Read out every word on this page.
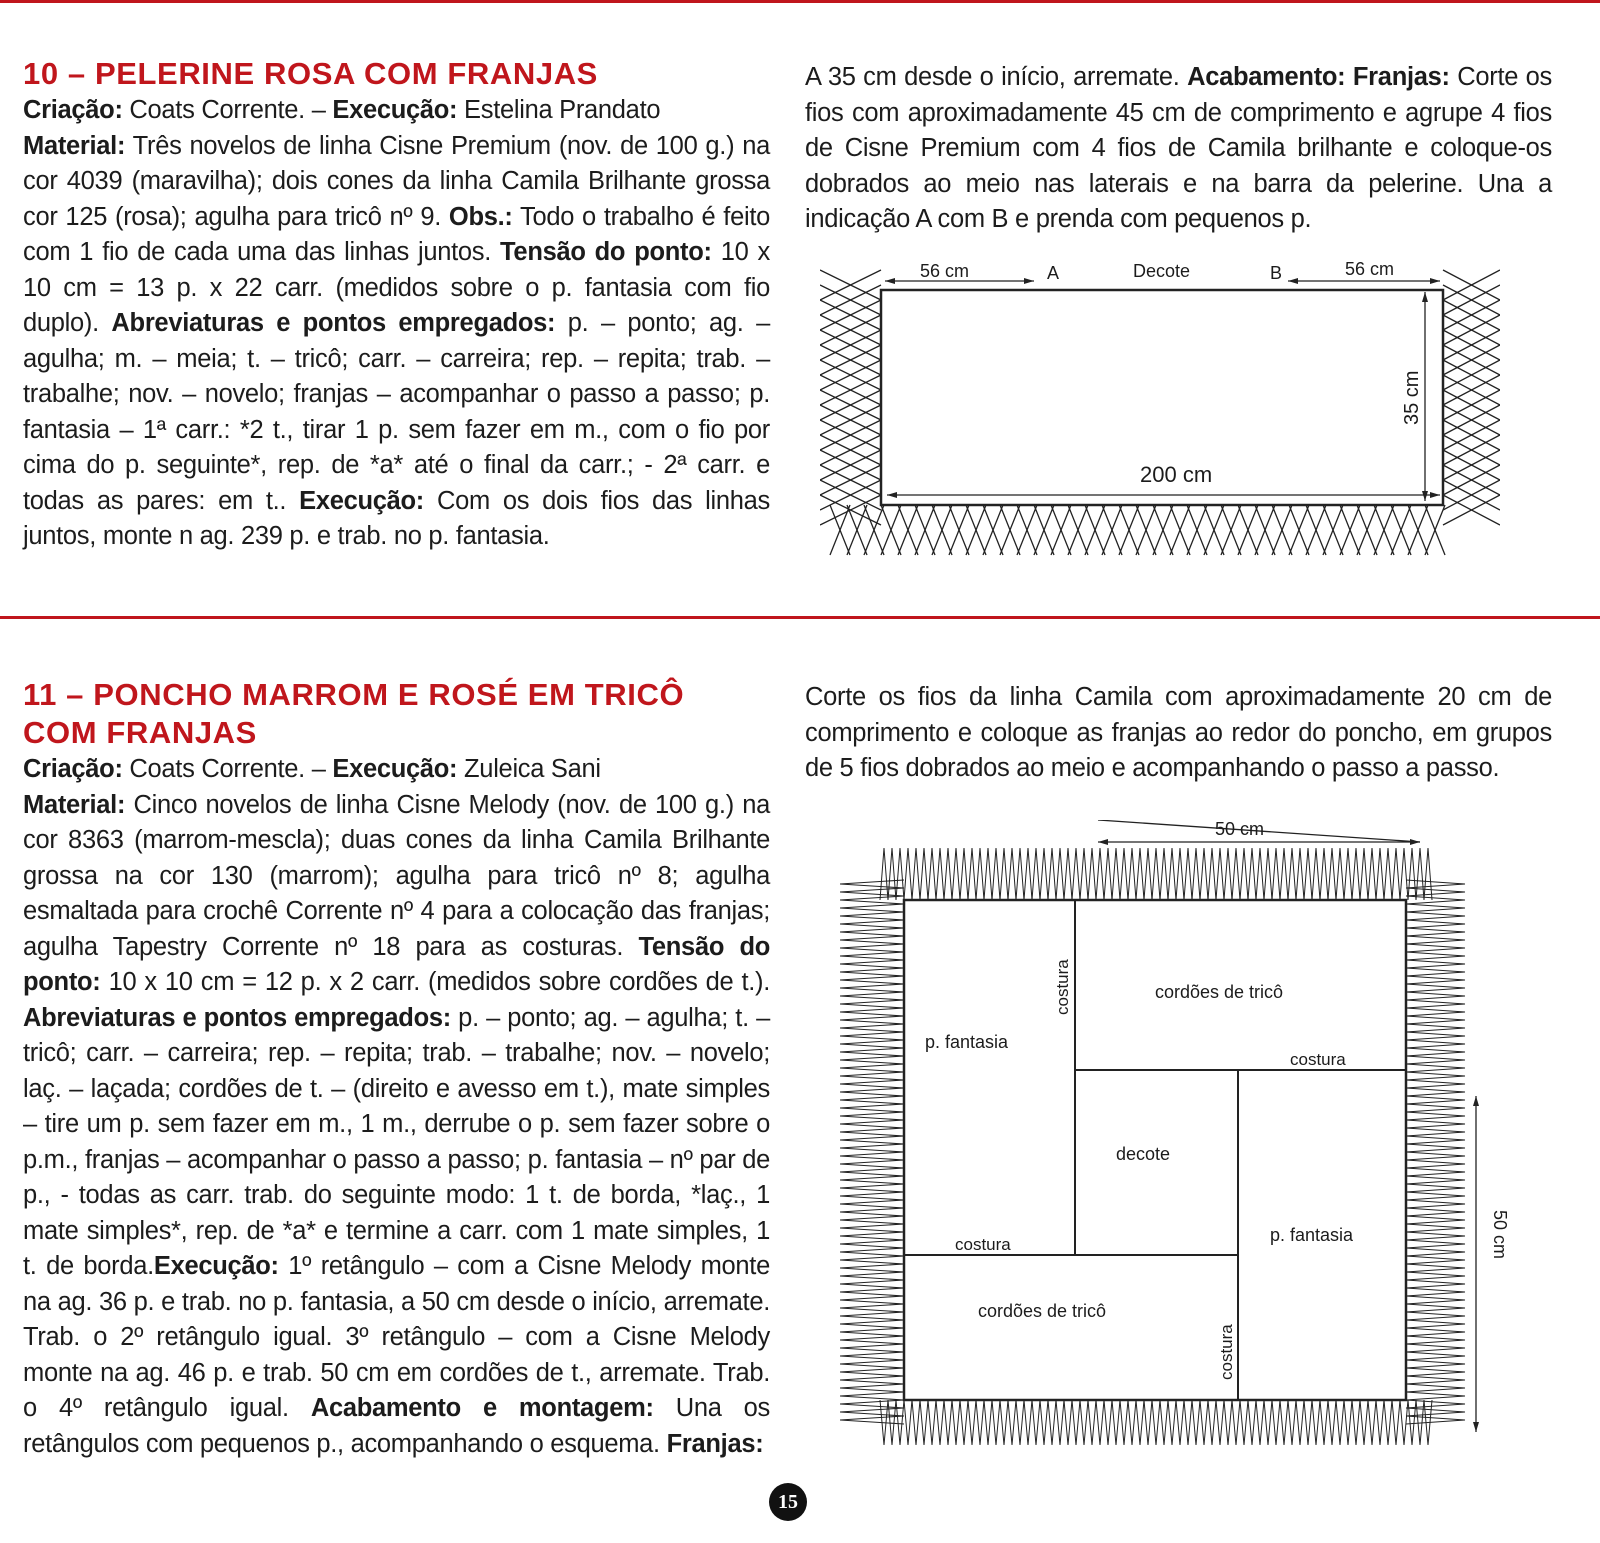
10 – PELERINE ROSA COM FRANJAS

Criação: Coats Corrente. – Execução: Estelina Prandato

Material: Três novelos de linha Cisne Premium (nov. de 100 g.) na cor 4039 (maravilha); dois cones da linha Camila Brilhante grossa cor 125 (rosa); agulha para tricô nº 9. Obs.: Todo o trabalho é feito com 1 fio de cada uma das linhas juntos. Tensão do ponto: 10 x 10 cm = 13 p. x 22 carr. (medidos sobre o p. fantasia com fio duplo). Abreviaturas e pontos empregados: p. – ponto; ag. – agulha; m. – meia; t. – tricô; carr. – carreira; rep. – repita; trab. – trabalhe; nov. – novelo; franjas – acompanhar o passo a passo; p. fantasia – 1ª carr.: *2 t., tirar 1 p. sem fazer em m., com o fio por cima do p. seguinte*, rep. de *a* até o final da carr.; - 2ª carr. e todas as pares: em t.. Execução: Com os dois fios das linhas juntos, monte n ag. 239 p. e trab. no p. fantasia.

A 35 cm desde o início, arremate. Acabamento: Franjas: Corte os fios com aproximadamente 45 cm de comprimento e agrupe 4 fios de Cisne Premium com 4 fios de Camila brilhante e coloque-os dobrados ao meio nas laterais e na barra da pelerine. Una a indicação A com B e prenda com pequenos p.

56 cm	A	Decote	B	56 cm
35 cm
200 cm
11 – PONCHO MARROM E ROSÉ EM TRICÔ
COM FRANJAS

Criação: Coats Corrente. – Execução: Zuleica Sani

Material: Cinco novelos de linha Cisne Melody (nov. de 100 g.) na cor 8363 (marrom-mescla); duas cones da linha Camila Brilhante grossa na cor 130 (marrom); agulha para tricô nº 8; agulha esmaltada para crochê Corrente nº 4 para a colocação das franjas; agulha Tapestry Corrente nº 18 para as costuras. Tensão do ponto: 10 x 10 cm = 12 p. x 2 carr. (medidos sobre cordões de t.). Abreviaturas e pontos empregados: p. – ponto; ag. – agulha; t. – tricô; carr. – carreira; rep. – repita; trab. – trabalhe; nov. – novelo; laç. – laçada; cordões de t. – (direito e avesso em t.), mate simples – tire um p. sem fazer em m., 1 m., derrube o p. sem fazer sobre o p.m., franjas – acompanhar o passo a passo; p. fantasia – nº par de p., - todas as carr. trab. do seguinte modo: 1 t. de borda, *laç., 1 mate simples*, rep. de *a* e termine a carr. com 1 mate simples, 1 t. de borda.Execução: 1º retângulo – com a Cisne Melody monte na ag. 36 p. e trab. no p. fantasia, a 50 cm desde o início, arremate. Trab. o 2º retângulo igual. 3º retângulo – com a Cisne Melody monte na ag. 46 p. e trab. 50 cm em cordões de t., arremate. Trab. o 4º retângulo igual. Acabamento e montagem: Una os retângulos com pequenos p., acompanhando o esquema. Franjas:

Corte os fios da linha Camila com aproximadamente 20 cm de comprimento e coloque as franjas ao redor do poncho, em grupos de 5 fios dobrados ao meio e acompanhando o passo a passo.

50 cm
50 cm
costura
costura
costura
costura
cordões de tricô
p. fantasia
decote
p. fantasia
cordões de tricô
15
